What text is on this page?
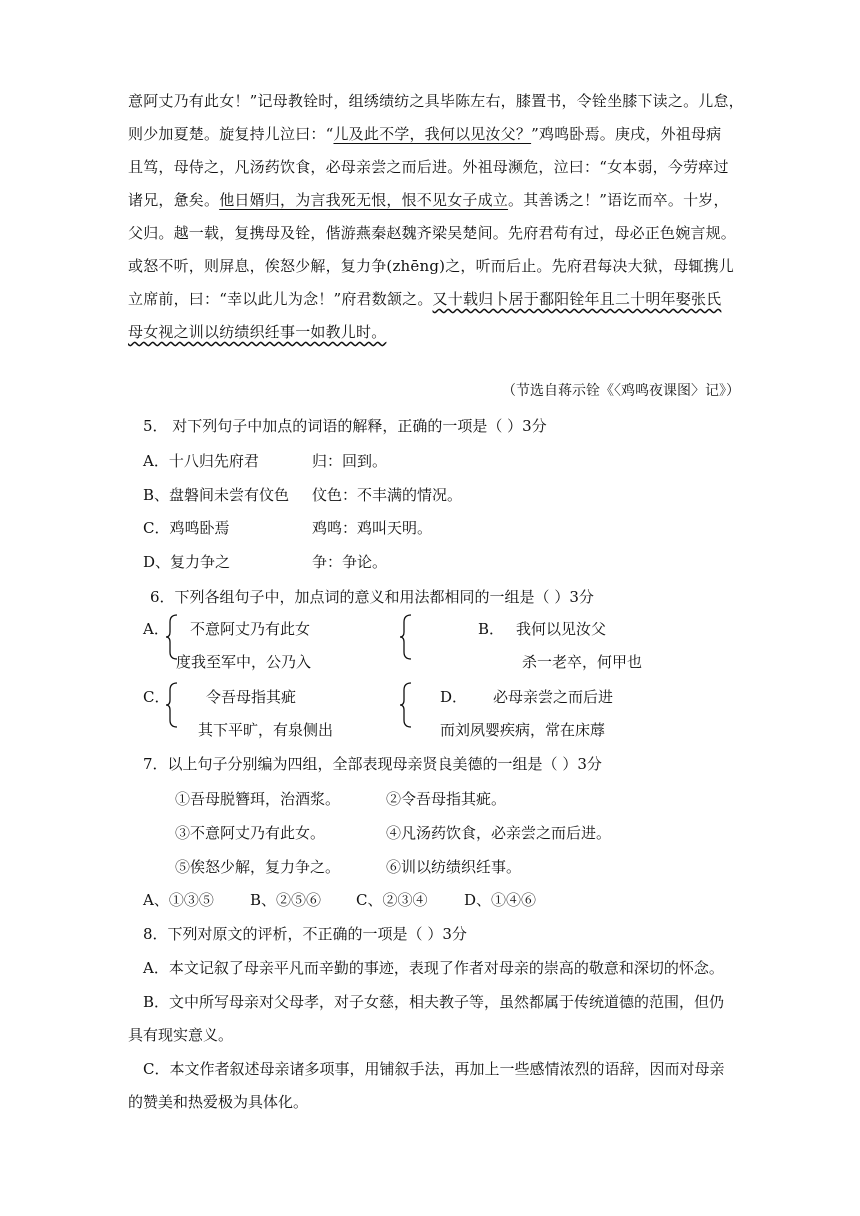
意阿丈乃有此女！”记母教铨时，组绣绩纺之具毕陈左右，膝置书，令铨坐膝下读之。儿怠，
则少加夏楚。旋复持儿泣曰：“儿及此不学，我何以见汝父？”鸡鸣卧焉。庚戌，外祖母病
且笃，母侍之，凡汤药饮食，必母亲尝之而后进。外祖母濒危，泣曰：“女本弱，今劳瘁过
诸兄，惫矣。他日婿归，为言我死无恨，恨不见女子成立。其善诱之！”语讫而卒。十岁，
父归。越一载，复携母及铨，偕游燕秦赵魏齐梁吴楚间。先府君苟有过，母必正色婉言规。
或怒不听，则屏息，俟怒少解，复力争(zhēng)之，听而后止。先府君每决大狱，母辄携儿
立席前，曰：“幸以此儿为念！”府君数颔之。又十载归卜居于鄱阳铨年且二十明年娶张氏
母女视之训以纺绩织纴事一如教儿时。
（节选自蒋示铨《〈鸡鸣夜课图〉记》）
5． 对下列句子中加点的词语的解释，正确的一项是（ ）3分
A．十八归先府君	归：回到。
B、盘磐间未尝有伩色 伩色：不丰满的情况。
C．鸡鸣卧焉	鸡鸣：鸡叫天明。
D、复力争之	争：争论。
6．下列各组句子中，加点词的意义和用法都相同的一组是（ ）3分
A． 不意阿丈乃有此女
度我至军中，公乃入
B． 我何以见汝父
杀一老卒，何甲也
C． 令吾母指其疵
其下平旷，有泉侧出
D． 必母亲尝之而后进
而刘夙婴疾病，常在床蓐
7．以上句子分别编为四组，全部表现母亲贤良美德的一组是（ ）3分
①吾母脱簪珥，治酒浆。	②令吾母指其疵。
③不意阿丈乃有此女。	④凡汤药饮食，必亲尝之而后进。
⑤俟怒少解，复力争之。	⑥训以纺绩织纴事。
A、①③⑤ B、②⑤⑥ C、②③④ D、①④⑥
8．下列对原文的评析，不正确的一项是（ ）3分
A．本文记叙了母亲平凡而辛勤的事迹，表现了作者对母亲的崇高的敬意和深切的怀念。
B．文中所写母亲对父母孝，对子女慈，相夫教子等，虽然都属于传统道德的范围，但仍
具有现实意义。
C．本文作者叙述母亲诸多项事，用铺叙手法，再加上一些感情浓烈的语辞，因而对母亲
的赞美和热爱极为具体化。
